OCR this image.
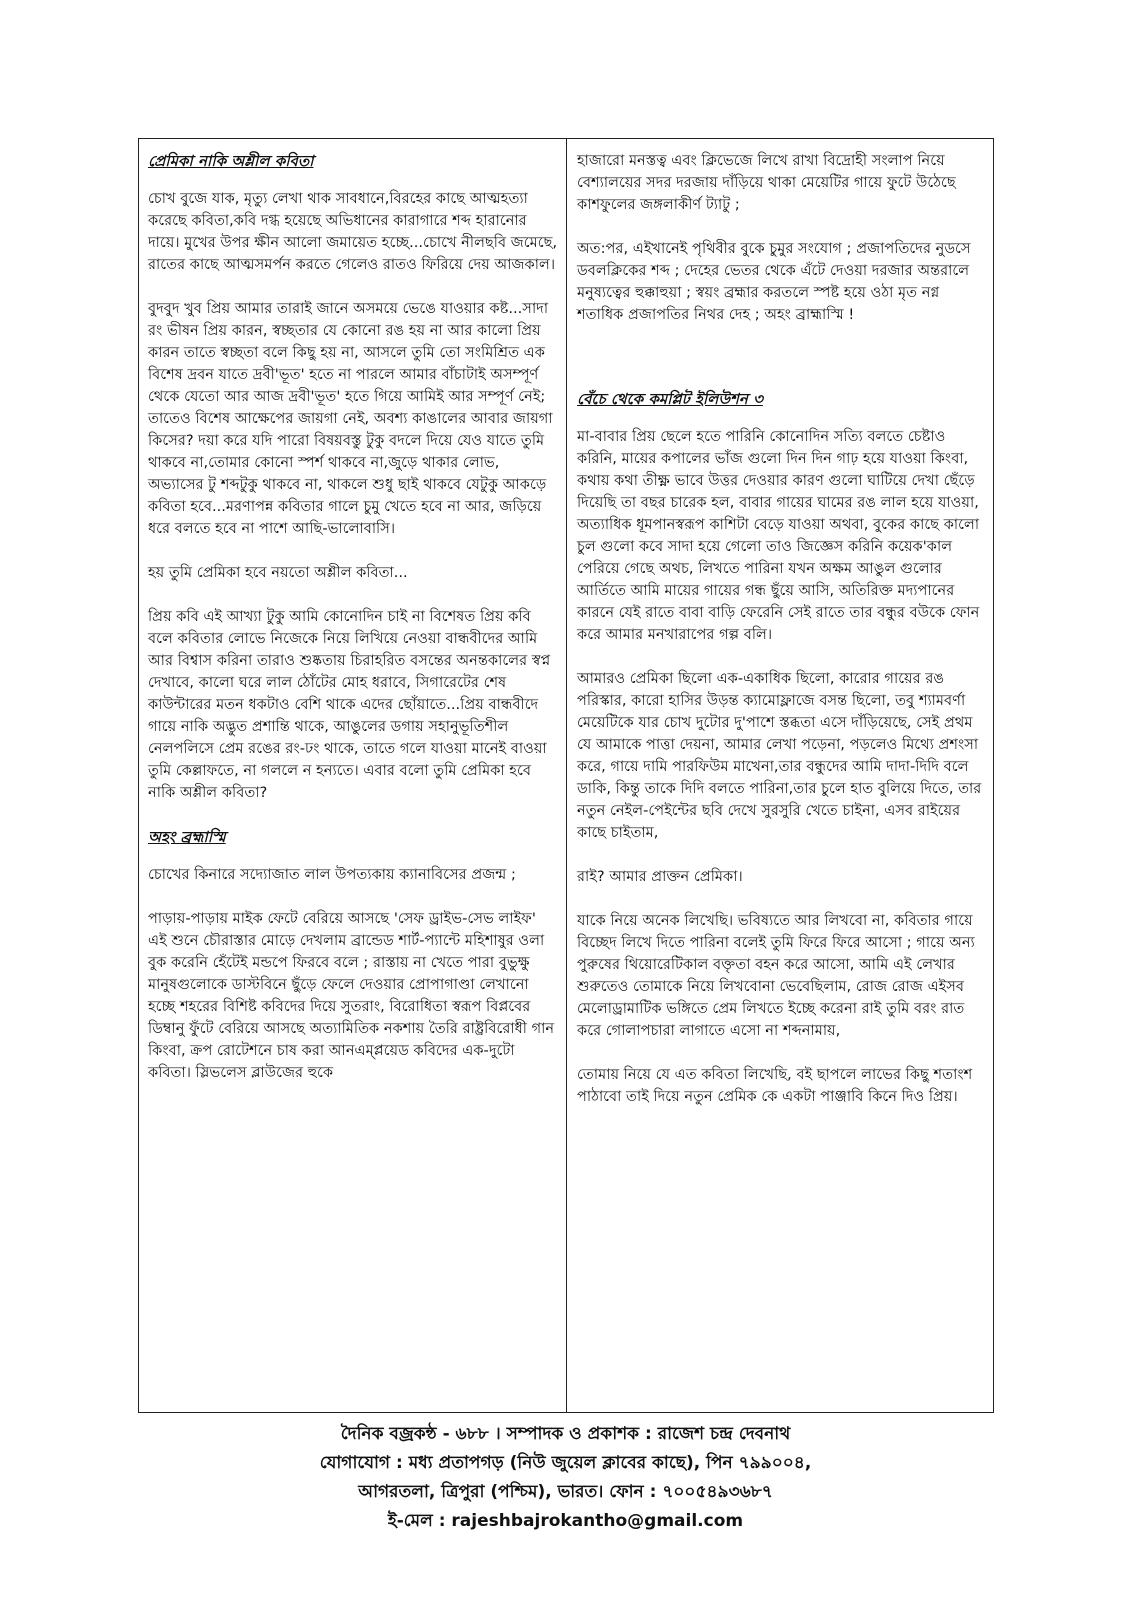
প্রেমিকা নাকি অশ্লীল কবিতা

চোখ বুজে যাক, মৃত্যু লেখা থাক সাবধানে,বিরহের কাছে আত্মহত্যা করেছে কবিতা,কবি দগ্ধ হয়েছে অভিধানের কারাগারে শব্দ হারানোর দায়ে। মুখের উপর ক্ষীন আলো জমায়েত হচ্ছে...চোখে নীলছবি জমেছে, রাতের কাছে আত্মসমর্পন করতে গেলেও রাতও ফিরিয়ে দেয় আজকাল।

বুদবুদ খুব প্রিয় আমার তারাই জানে অসময়ে ভেঙে যাওয়ার কষ্ট...সাদা রং ভীষন প্রিয় কারন, স্বচ্ছতার যে কোনো রঙ হয় না আর কালো প্রিয় কারন তাতে স্বচ্ছতা বলে কিছু হয় না, আসলে তুমি তো সংমিশ্রিত এক বিশেষ দ্রবন যাতে দ্রবী'ভূত' হতে না পারলে আমার বাঁচাটাই অসম্পূর্ণ থেকে যেতো আর আজ দ্রবী'ভূত' হতে গিয়ে আমিই আর সম্পূর্ণ নেই; তাতেও বিশেষ আক্ষেপের জায়গা নেই, অবশ্য কাঙালের আবার জায়গা কিসের? দয়া করে যদি পারো বিষয়বস্তু টুকু বদলে দিয়ে যেও যাতে তুমি থাকবে না,তোমার কোনো স্পর্শ থাকবে না,জুড়ে থাকার লোভ, অভ্যাসের টু শব্দটুকু থাকবে না, থাকলে শুধু ছাই থাকবে যেটুকু আকড়ে কবিতা হবে...মরণাপন্ন কবিতার গালে চুমু খেতে হবে না আর, জড়িয়ে ধরে বলতে হবে না পাশে আছি-ভালোবাসি।

হয় তুমি প্রেমিকা হবে নয়তো অশ্লীল কবিতা...

প্রিয় কবি এই আখ্যা টুকু আমি কোনোদিন চাই না বিশেষত প্রিয় কবি বলে কবিতার লোভে নিজেকে নিয়ে লিখিয়ে নেওয়া বান্ধবীদের আমি আর বিশ্বাস করিনা তারাও শুষ্কতায় চিরাহরিত বসন্তের অনন্তকালের স্বপ্ন দেখাবে, কালো ঘরে লাল ঠোঁটের মোহ ধরাবে, সিগারেটের শেষ কাউন্টারের মতন ধকটাও বেশি থাকে এদের ছোঁয়াতে...প্রিয় বান্ধবীদে গায়ে নাকি অদ্ভুত প্রশান্তি থাকে, আঙুলের ডগায় সহানুভূতিশীল নেলপলিসে প্রেম রঙের রং-ঢং থাকে, তাতে গলে যাওয়া মানেই বাওয়া তুমি কেল্লাফতে, না গললে ন হন্যতে। এবার বলো তুমি প্রেমিকা হবে নাকি অশ্লীল কবিতা?

অহং ব্রহ্মাস্মি

চোখের কিনারে সদ্যোজাত লাল উপত্যকায় ক্যানাবিসের প্রজন্ম ;

পাড়ায়-পাড়ায় মাইক ফেটে বেরিয়ে আসছে 'সেফ ড্রাইভ-সেভ লাইফ' এই শুনে চৌরাস্তার মোড়ে দেখলাম ব্রান্ডেড শার্ট-প্যান্টে মহিশাষুর ওলা বুক করেনি হেঁটেই মন্ডপে ফিরবে বলে ; রাস্তায় না খেতে পারা বুভুক্ষু মানুষগুলোকে ডাস্টবিনে ছুঁড়ে ফেলে দেওয়ার প্রোপাগাণ্ডা লেখানো হচ্ছে শহরের বিশিষ্ট কবিদের দিয়ে সুতরাং, বিরোধিতা স্বরূপ বিপ্লবের ডিম্বানু ফুঁটে বেরিয়ে আসছে অত্যামিতিক নকশায় তৈরি রাষ্ট্রবিরোধী গান কিংবা, ক্রপ রোটেশনে চাষ করা আনএম্প্লয়েড কবিদের এক-দুটো কবিতা। স্লিভলেস ব্লাউজের হুকে

হাজারো মনস্তত্ব এবং ক্লিভেজে লিখে রাখা বিদ্রোহী সংলাপ নিয়ে বেশ্যালয়ের সদর দরজায় দাঁড়িয়ে থাকা মেয়েটির গায়ে ফুটে উঠেছে কাশফুলের জঙ্গলাকীর্ণ ট্যাটু ;

অত:পর, এইখানেই পৃথিবীর বুকে চুমুর সংযোগ ; প্রজাপতিদের নুডসে ডবলক্লিকের শব্দ ; দেহের ভেতর থেকে এঁটে দেওয়া দরজার অন্তরালে মনুষ্যত্বের হুক্কাহুয়া ; স্বয়ং ব্রহ্মার করতলে স্পষ্ট হয়ে ওঠা মৃত নগ্ন শতাধিক প্রজাপতির নিথর দেহ ; অহং ব্রাহ্মাস্মি !

বেঁচে থেকে কমপ্লিট ইলিউশন ৩

মা-বাবার প্রিয় ছেলে হতে পারিনি কোনোদিন সত্যি বলতে চেষ্টাও করিনি, মায়ের কপালের ভাঁজ গুলো দিন দিন গাঢ় হয়ে যাওয়া কিংবা, কথায় কথা তীক্ষ্ণ ভাবে উত্তর দেওয়ার কারণ গুলো ঘাটিয়ে দেখা ছেঁড়ে দিয়েছি তা বছর চারেক হল, বাবার গায়ের ঘামের রঙ লাল হয়ে যাওয়া, অত্যাধিক ধূমপানস্বরূপ কাশিটা বেড়ে যাওয়া অথবা, বুকের কাছে কালো চুল গুলো কবে সাদা হয়ে গেলো তাও জিজ্ঞেস করিনি কয়েক'কাল পেরিয়ে গেছে অথচ, লিখতে পারিনা যখন অক্ষম আঙুল গুলোর আর্তিতে আমি মায়ের গায়ের গন্ধ ছুঁয়ে আসি, অতিরিক্ত মদ্যপানের কারনে যেই রাতে বাবা বাড়ি ফেরেনি সেই রাতে তার বন্ধুর বউকে ফোন করে আমার মনখারাপের গল্প বলি।

আমারও প্রেমিকা ছিলো এক-একাধিক ছিলো, কারোর গায়ের রঙ পরিস্কার, কারো হাসির উড়ন্ত ক্যামোফ্লাজে বসন্ত ছিলো, তবু শ্যামবর্ণা মেয়েটিকে যার চোখ দুটোর দু'পাশে স্তব্ধতা এসে দাঁড়িয়েছে, সেই প্রথম যে আমাকে পাত্তা দেয়না, আমার লেখা পড়েনা, পড়লেও মিথ্যে প্রশংসা করে, গায়ে দামি পারফিউম মাখেনা,তার বন্ধুদের আমি দাদা-দিদি বলে ডাকি, কিন্তু তাকে দিদি বলতে পারিনা,তার চুলে হাত বুলিয়ে দিতে, তার নতুন নেইল-পেইন্টের ছবি দেখে সুরসুরি খেতে চাইনা, এসব রাইয়ের কাছে চাইতাম,

রাই? আমার প্রাক্তন প্রেমিকা।

যাকে নিয়ে অনেক লিখেছি। ভবিষ্যতে আর লিখবো না, কবিতার গায়ে বিচ্ছেদ লিখে দিতে পারিনা বলেই তুমি ফিরে ফিরে আসো ; গায়ে অন্য পুরুষের থিয়োরেটিকাল বক্তৃতা বহন করে আসো, আমি এই লেখার শুরুতেও তোমাকে নিয়ে লিখবোনা ভেবেছিলাম, রোজ রোজ এইসব মেলোড্রামাটিক ভঙ্গিতে প্রেম লিখতে ইচ্ছে করেনা রাই তুমি বরং রাত করে গোলাপচারা লাগাতে এসো না শব্দনামায়,

তোমায় নিয়ে যে এত কবিতা লিখেছি, বই ছাপলে লাভের কিছু শতাংশ পাঠাবো তাই দিয়ে নতুন প্রেমিক কে একটা পাঞ্জাবি কিনে দিও প্রিয়।

দৈনিক বজ্রকন্ঠ - ৬৮৮ । সম্পাদক ও প্রকাশক : রাজেশ চন্দ্র দেবনাথ
যোগাযোগ : মধ্য প্রতাপগড় (নিউ জুয়েল ক্লাবের কাছে), পিন ৭৯৯০০৪,
আগরতলা, ত্রিপুরা (পশ্চিম), ভারত। ফোন : ৭০০৫৪৯৩৬৮৭
ই-মেল : rajeshbajrokantho@gmail.com
